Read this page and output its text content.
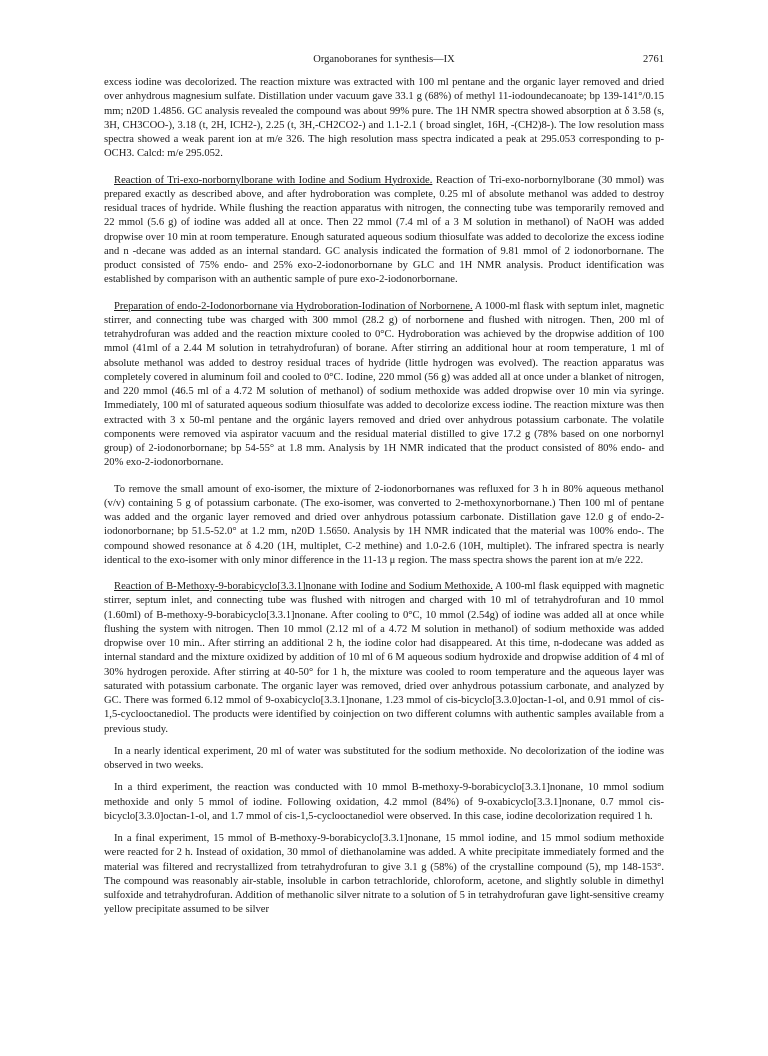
Organoboranes for synthesis—IX	2761

excess iodine was decolorized. The reaction mixture was extracted with 100 ml pentane and the organic layer removed and dried over anhydrous magnesium sulfate. Distillation under vacuum gave 33.1 g (68%) of methyl 11-iodoundecanoate; bp 139-141°/0.15 mm; n20D 1.4856. GC analysis revealed the compound was about 99% pure. The 1H NMR spectra showed absorption at δ 3.58 (s, 3H, CH3COO-), 3.18 (t, 2H, ICH2-), 2.25 (t, 3H,-CH2CO2-) and 1.1-2.1 ( broad singlet, 16H, -(CH2)8-). The low resolution mass spectra showed a weak parent ion at m/e 326. The high resolution mass spectra indicated a peak at 295.053 corresponding to p-OCH3. Calcd: m/e 295.052.

Reaction of Tri-exo-norbornylborane with Iodine and Sodium Hydroxide. Reaction of Tri-exo-norbornylborane (30 mmol) was prepared exactly as described above, and after hydroboration was complete, 0.25 ml of absolute methanol was added to destroy residual traces of hydride. While flushing the reaction apparatus with nitrogen, the connecting tube was temporarily removed and 22 mmol (5.6 g) of iodine was added all at once. Then 22 mmol (7.4 ml of a 3 M solution in methanol) of NaOH was added dropwise over 10 min at room temperature. Enough saturated aqueous sodium thiosulfate was added to decolorize the excess iodine and n -decane was added as an internal standard. GC analysis indicated the formation of 9.81 mmol of 2 iodonorbornane. The product consisted of 75% endo- and 25% exo-2-iodonorbornane by GLC and 1H NMR analysis. Product identification was established by comparison with an authentic sample of pure exo-2-iodonorbornane.

Preparation of endo-2-Iodonorbornane via Hydroboration-Iodination of Norbornene. A 1000-ml flask with septum inlet, magnetic stirrer, and connecting tube was charged with 300 mmol (28.2 g) of norbornene and flushed with nitrogen. Then, 200 ml of tetrahydrofuran was added and the reaction mixture cooled to 0°C. Hydroboration was achieved by the dropwise addition of 100 mmol (41ml of a 2.44 M solution in tetrahydrofuran) of borane. After stirring an additional hour at room temperature, 1 ml of absolute methanol was added to destroy residual traces of hydride (little hydrogen was evolved). The reaction apparatus was completely covered in aluminum foil and cooled to 0°C. Iodine, 220 mmol (56 g) was added all at once under a blanket of nitrogen, and 220 mmol (46.5 ml of a 4.72 M solution of methanol) of sodium methoxide was added dropwise over 10 min via syringe. Immediately, 100 ml of saturated aqueous sodium thiosulfate was added to decolorize excess iodine. The reaction mixture was then extracted with 3 x 50-ml pentane and the orgánic layers removed and dried over anhydrous potassium carbonate. The volatile components were removed via aspirator vacuum and the residual material distilled to give 17.2 g (78% based on one norbornyl group) of 2-iodonorbornane; bp 54-55° at 1.8 mm. Analysis by 1H NMR indicated that the product consisted of 80% endo- and 20% exo-2-iodonorbornane.

To remove the small amount of exo-isomer, the mixture of 2-iodonorbornanes was refluxed for 3 h in 80% aqueous methanol (v/v) containing 5 g of potassium carbonate. (The exo-isomer, was converted to 2-methoxynorbornane.) Then 100 ml of pentane was added and the organic layer removed and dried over anhydrous potassium carbonate. Distillation gave 12.0 g of endo-2-iodonorbornane; bp 51.5-52.0° at 1.2 mm, n20D 1.5650. Analysis by 1H NMR indicated that the material was 100% endo-. The compound showed resonance at δ 4.20 (1H, multiplet, C-2 methine) and 1.0-2.6 (10H, multiplet). The infrared spectra is nearly identical to the exo-isomer with only minor difference in the 11-13 μ region. The mass spectra shows the parent ion at m/e 222.

Reaction of B-Methoxy-9-borabicyclo[3.3.1]nonane with Iodine and Sodium Methoxide. A 100-ml flask equipped with magnetic stirrer, septum inlet, and connecting tube was flushed with nitrogen and charged with 10 ml of tetrahydrofuran and 10 mmol (1.60ml) of B-methoxy-9-borabicyclo[3.3.1]nonane. After cooling to 0°C, 10 mmol (2.54g) of iodine was added all at once while flushing the system with nitrogen. Then 10 mmol (2.12 ml of a 4.72 M solution in methanol) of sodium methoxide was added dropwise over 10 min.. After stirring an additional 2 h, the iodine color had disappeared. At this time, n-dodecane was added as internal standard and the mixture oxidized by addition of 10 ml of 6 M aqueous sodium hydroxide and dropwise addition of 4 ml of 30% hydrogen peroxide. After stirring at 40-50° for 1 h, the mixture was cooled to room temperature and the aqueous layer was saturated with potassium carbonate. The organic layer was removed, dried over anhydrous potassium carbonate, and analyzed by GC. There was formed 6.12 mmol of 9-oxabicyclo[3.3.1]nonane, 1.23 mmol of cis-bicyclo[3.3.0]octan-1-ol, and 0.91 mmol of cis-1,5-cyclooctanediol. The products were identified by coinjection on two different columns with authentic samples available from a previous study.

In a nearly identical experiment, 20 ml of water was substituted for the sodium methoxide. No decolorization of the iodine was observed in two weeks.

In a third experiment, the reaction was conducted with 10 mmol B-methoxy-9-borabicyclo[3.3.1]nonane, 10 mmol sodium methoxide and only 5 mmol of iodine. Following oxidation, 4.2 mmol (84%) of 9-oxabicyclo[3.3.1]nonane, 0.7 mmol cis-bicyclo[3.3.0]octan-1-ol, and 1.7 mmol of cis-1,5-cyclooctanediol were observed. In this case, iodine decolorization required 1 h.

In a final experiment, 15 mmol of B-methoxy-9-borabicyclo[3.3.1]nonane, 15 mmol iodine, and 15 mmol sodium methoxide were reacted for 2 h. Instead of oxidation, 30 mmol of diethanolamine was added. A white precipitate immediately formed and the material was filtered and recrystallized from tetrahydrofuran to give 3.1 g (58%) of the crystalline compound (5), mp 148-153°. The compound was reasonably air-stable, insoluble in carbon tetrachloride, chloroform, acetone, and slightly soluble in dimethyl sulfoxide and tetrahydrofuran. Addition of methanolic silver nitrate to a solution of 5 in tetrahydrofuran gave light-sensitive creamy yellow precipitate assumed to be silver
